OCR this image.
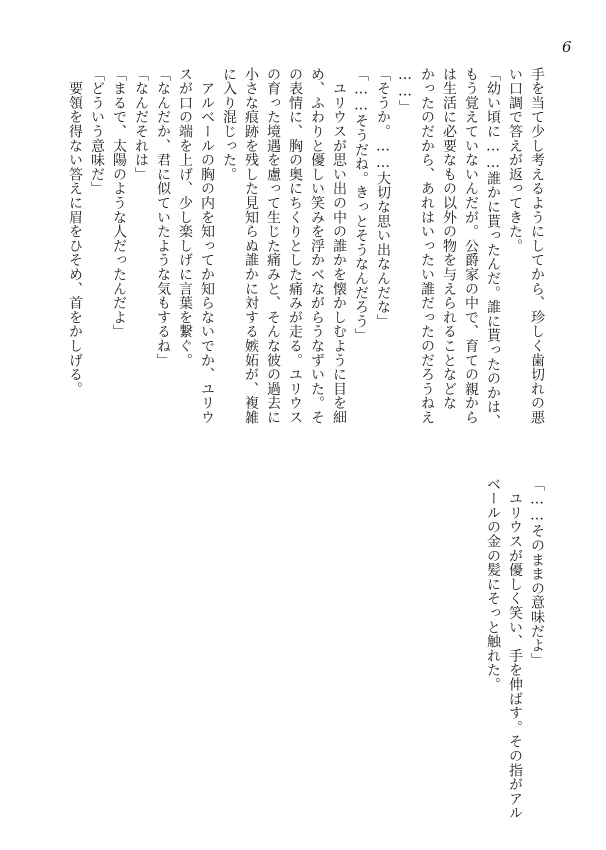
6
手を当て少し考えるようにしてから、珍しく歯切れの悪
い口調で答えが返ってきた。
「幼い頃に……誰かに貰ったんだ。誰に貰ったのかは、
もう覚えていないんだが。公爵家の中で、育ての親から
は生活に必要なもの以外の物を与えられることなどな
かったのだから、あれはいったい誰だったのだろうねえ
……」
「そうか。……大切な思い出なんだな」
「……そうだね。きっとそうなんだろう」
　ユリウスが思い出の中の誰かを懐かしむように目を細
め、ふわりと優しい笑みを浮かべながらうなずいた。そ
の表情に、胸の奥にちくりとした痛みが走る。ユリウス
の育った境遇を慮って生じた痛みと、そんな彼の過去に
小さな痕跡を残した見知らぬ誰かに対する嫉妬が、複雑
に入り混じった。
　アルベールの胸の内を知ってか知らないでか、ユリウ
スが口の端を上げ、少し楽しげに言葉を繋ぐ。
「なんだか、君に似ていたような気もするね」
「なんだそれは」
「まるで、太陽のような人だったんだよ」
「どういう意味だ」
　要領を得ない答えに眉をひそめ、首をかしげる。
「……そのままの意味だよ」
　ユリウスが優しく笑い、手を伸ばす。その指がアル
ベールの金の髪にそっと触れた。
